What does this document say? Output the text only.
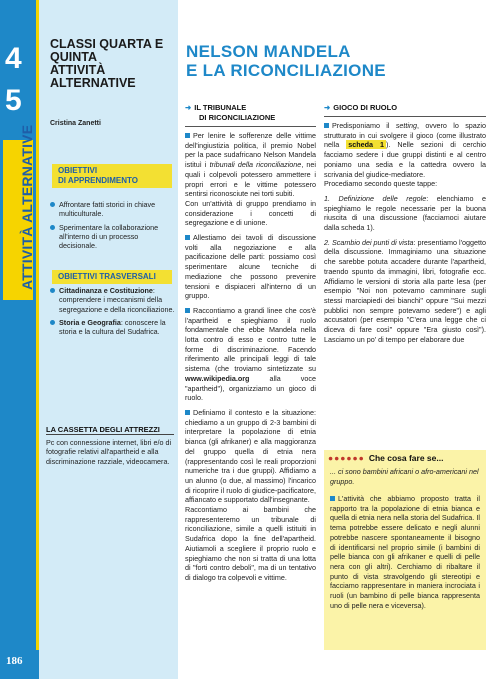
4
5
ATTIVITÀ ALTERNATIVE
186
CLASSI QUARTA E QUINTA
ATTIVITÀ ALTERNATIVE
Cristina Zanetti
OBIETTIVI
DI APPRENDIMENTO
Affrontare fatti storici in chiave multiculturale.
Sperimentare la collaborazione all'interno di un processo decisionale.
OBIETTIVI TRASVERSALI
Cittadinanza e Costituzione: comprendere i meccanismi della segregazione e della riconciliazione.
Storia e Geografia: conoscere la storia e la cultura del Sudafrica.
LA CASSETTA DEGLI ATTREZZI
Pc con connessione internet, libri e/o di fotografie relativi all'apartheid e alla discriminazione razziale, videocamera.
NELSON MANDELA
E LA RICONCILIAZIONE
➜ IL TRIBUNALE
DI RICONCILIAZIONE

Per lenire le sofferenze delle vittime dell'ingiustizia politica, il premio Nobel per la pace sudafricano Nelson Mandela istituì i tribunali della riconciliazione, nei quali i colpevoli potessero ammettere i propri errori e le vittime potessero sentirsi riconosciute nei torti subiti.
Con un'attività di gruppo prendiamo in considerazione i concetti di segregazione e di unione.

Allestiamo dei tavoli di discussione volti alla negoziazione e alla pacificazione delle parti: possiamo così sperimentare alcune tecniche di mediazione che possono prevenire tensioni e dispiaceri all'interno di un gruppo.

Raccontiamo a grandi linee che cos'è l'apartheid e spieghiamo il ruolo fondamentale che ebbe Mandela nella lotta contro di esso e contro tutte le forme di discriminazione. Facendo riferimento alle principali leggi di tale sistema (che troviamo sintetizzate su www.wikipedia.org alla voce "apartheid"), organizziamo un gioco di ruolo.

Definiamo il contesto e la situazione: chiediamo a un gruppo di 2-3 bambini di interpretare la popolazione di etnia bianca (gli afrikaner) e alla maggioranza del gruppo quella di etnia nera (rappresentando così le reali proporzioni numeriche tra i due gruppi). Affidiamo a un alunno (o due, al massimo) l'incarico di ricoprire il ruolo di giudice-pacificatore, affiancato e supportato dall'insegnante.
Raccontiamo ai bambini che rappresenteremo un tribunale di riconciliazione, simile a quelli istituiti in Sudafrica dopo la fine dell'apartheid. Aiutiamoli a scegliere il proprio ruolo e spieghiamo che non si tratta di una lotta di "forti contro deboli", ma di un tentativo di dialogo tra colpevoli e vittime.

➜ GIOCO DI RUOLO

Predisponiamo il setting, ovvero lo spazio strutturato in cui svolgere il gioco (come illustrato nella scheda 1 ). Nelle sezioni di cerchio facciamo sedere i due gruppi distinti e al centro poniamo una sedia e la cattedra ovvero la scrivania del giudice-mediatore.
Procediamo secondo queste tappe:

1. Definizione delle regole: elenchiamo e spieghiamo le regole necessarie per la buona riuscita di una discussione (facciamoci aiutare dalla scheda 1).

2. Scambio dei punti di vista: presentiamo l'oggetto della discussione. Immaginiamo una situazione che sarebbe potuta accadere durante l'apartheid, traendo spunto da immagini, libri, fotografie ecc. Affidiamo le versioni di storia alla parte lesa (per esempio "Noi non potevamo camminare sugli stessi marciapiedi dei bianchi" oppure "Sui mezzi pubblici non sempre potevamo sedere") e agli accusatori (per esempio "C'era una legge che ci diceva di fare così" oppure "Era giusto così"). Lasciamo un po' di tempo per elaborare due

●●●●●● Che cosa fare se...
... ci sono bambini africani o afro-americani nel gruppo.
L'attività che abbiamo proposto tratta il rapporto tra la popolazione di etnia bianca e quella di etnia nera nella storia del Sudafrica. Il tema potrebbe essere delicato e negli alunni potrebbe nascere spontaneamente il bisogno di identificarsi nel proprio simile (i bambini di pelle bianca con gli afrikaner e quelli di pelle nera con gli altri). Cerchiamo di ribaltare il punto di vista stravolgendo gli stereotipi e facciamo rappresentare in maniera incrociata i ruoli (un bambino di pelle bianca rappresenta uno di pelle nera e viceversa).
